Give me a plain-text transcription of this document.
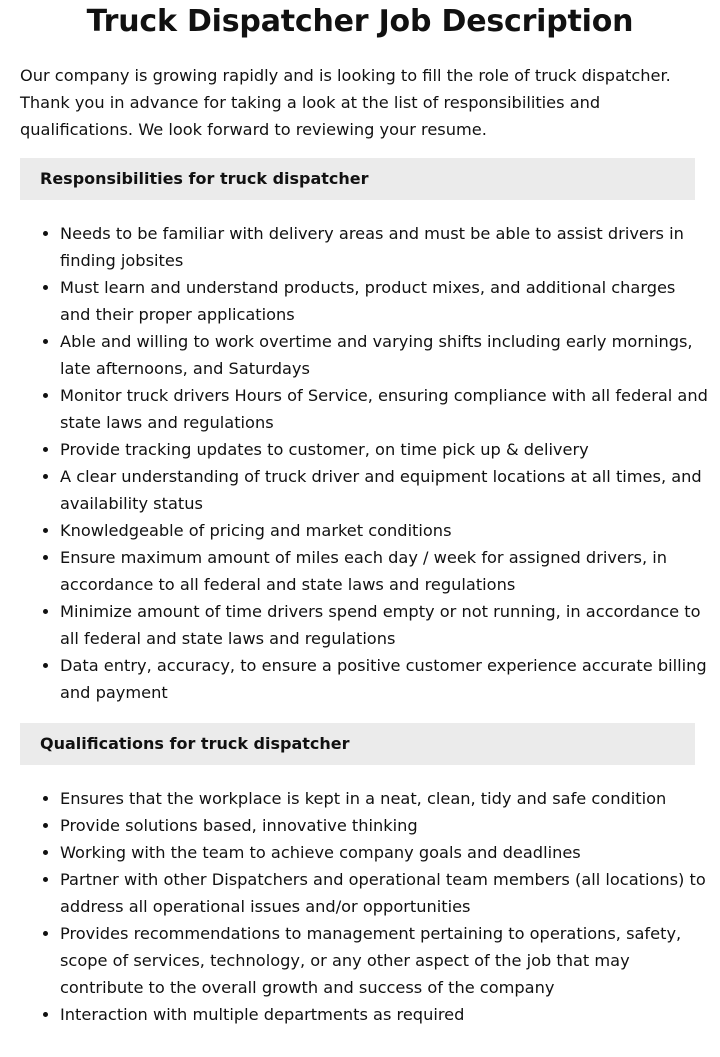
Truck Dispatcher Job Description

Our company is growing rapidly and is looking to fill the role of truck dispatcher. Thank you in advance for taking a look at the list of responsibilities and qualifications. We look forward to reviewing your resume.

Responsibilities for truck dispatcher
• Needs to be familiar with delivery areas and must be able to assist drivers in finding jobsites
• Must learn and understand products, product mixes, and additional charges and their proper applications
• Able and willing to work overtime and varying shifts including early mornings, late afternoons, and Saturdays
• Monitor truck drivers Hours of Service, ensuring compliance with all federal and state laws and regulations
• Provide tracking updates to customer, on time pick up & delivery
• A clear understanding of truck driver and equipment locations at all times, and availability status
• Knowledgeable of pricing and market conditions
• Ensure maximum amount of miles each day / week for assigned drivers, in accordance to all federal and state laws and regulations
• Minimize amount of time drivers spend empty or not running, in accordance to all federal and state laws and regulations
• Data entry, accuracy, to ensure a positive customer experience accurate billing and payment
Qualifications for truck dispatcher
• Ensures that the workplace is kept in a neat, clean, tidy and safe condition
• Provide solutions based, innovative thinking
• Working with the team to achieve company goals and deadlines
• Partner with other Dispatchers and operational team members (all locations) to address all operational issues and/or opportunities
• Provides recommendations to management pertaining to operations, safety, scope of services, technology, or any other aspect of the job that may contribute to the overall growth and success of the company
• Interaction with multiple departments as required
